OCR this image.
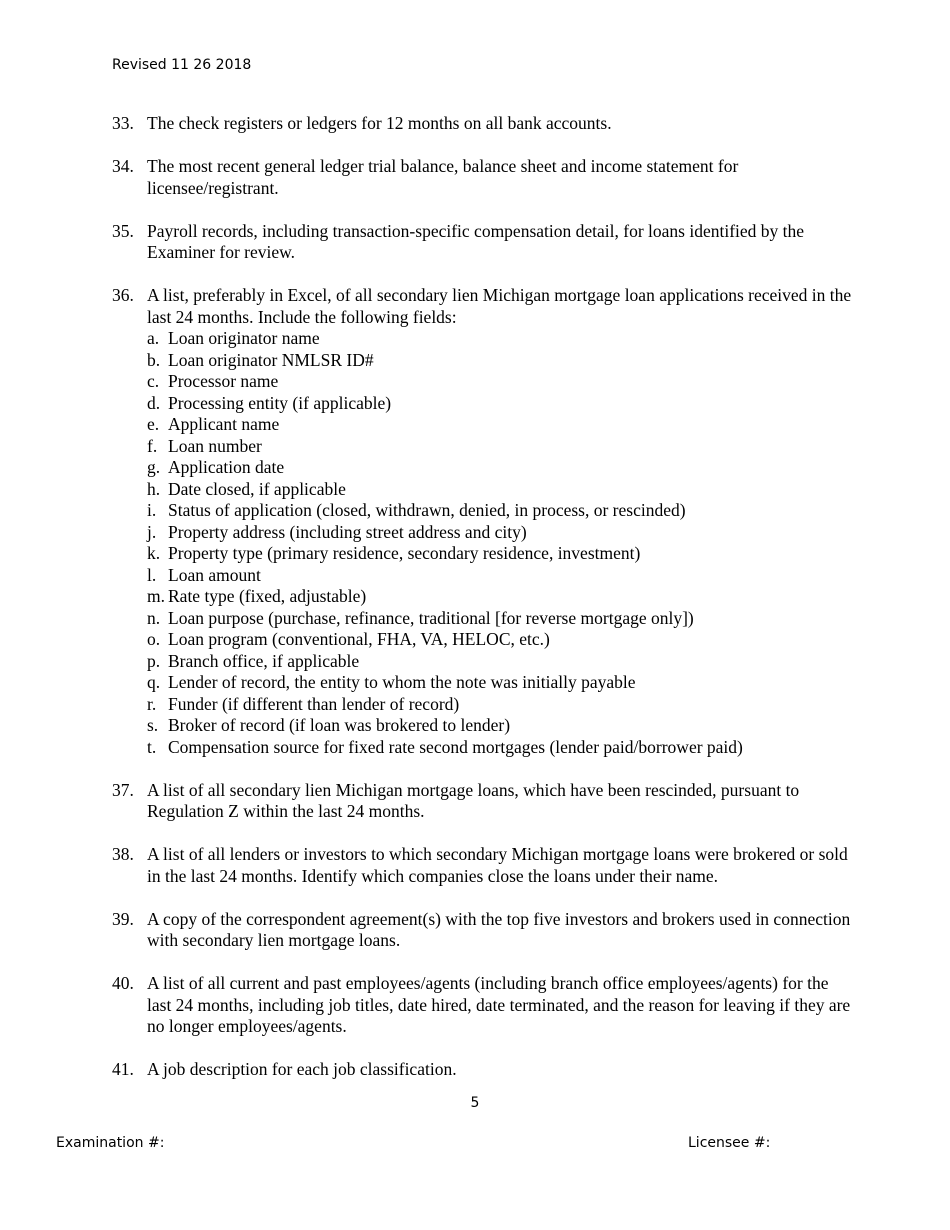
Revised 11 26 2018
33. The check registers or ledgers for 12 months on all bank accounts.
34. The most recent general ledger trial balance, balance sheet and income statement for licensee/registrant.
35. Payroll records, including transaction-specific compensation detail, for loans identified by the Examiner for review.
36. A list, preferably in Excel, of all secondary lien Michigan mortgage loan applications received in the last 24 months. Include the following fields:
a. Loan originator name
b. Loan originator NMLSR ID#
c. Processor name
d. Processing entity (if applicable)
e. Applicant name
f. Loan number
g. Application date
h. Date closed, if applicable
i. Status of application (closed, withdrawn, denied, in process, or rescinded)
j. Property address (including street address and city)
k. Property type (primary residence, secondary residence, investment)
l. Loan amount
m. Rate type (fixed, adjustable)
n. Loan purpose (purchase, refinance, traditional [for reverse mortgage only])
o. Loan program (conventional, FHA, VA, HELOC, etc.)
p. Branch office, if applicable
q. Lender of record, the entity to whom the note was initially payable
r. Funder (if different than lender of record)
s. Broker of record (if loan was brokered to lender)
t. Compensation source for fixed rate second mortgages (lender paid/borrower paid)
37. A list of all secondary lien Michigan mortgage loans, which have been rescinded, pursuant to Regulation Z within the last 24 months.
38. A list of all lenders or investors to which secondary Michigan mortgage loans were brokered or sold in the last 24 months. Identify which companies close the loans under their name.
39. A copy of the correspondent agreement(s) with the top five investors and brokers used in connection with secondary lien mortgage loans.
40. A list of all current and past employees/agents (including branch office employees/agents) for the last 24 months, including job titles, date hired, date terminated, and the reason for leaving if they are no longer employees/agents.
41. A job description for each job classification.
5
Examination #:	Licensee #:
